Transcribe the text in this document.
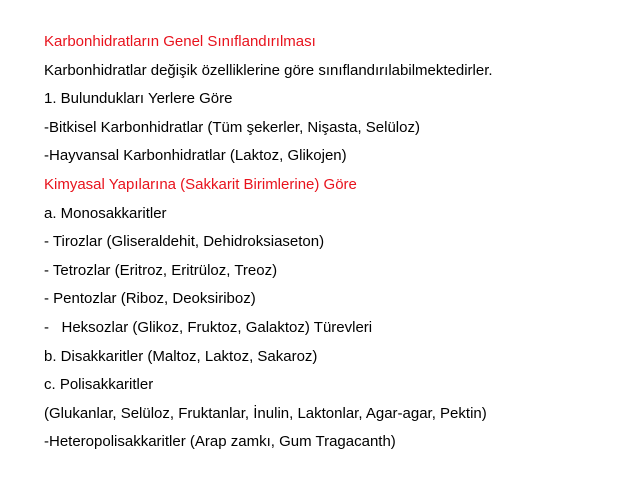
Karbonhidratların Genel Sınıflandırılması
Karbonhidratlar değişik özelliklerine göre sınıflandırılabilmektedirler.
1. Bulundukları Yerlere Göre
-Bitkisel Karbonhidratlar (Tüm şekerler, Nişasta, Selüloz)
-Hayvansal Karbonhidratlar (Laktoz, Glikojen)
Kimyasal Yapılarına (Sakkarit Birimlerine) Göre
a. Monosakkaritler
- Tirozlar (Gliseraldehit, Dehidroksiaseton)
- Tetrozlar (Eritroz, Eritrüloz, Treoz)
- Pentozlar (Riboz, Deoksiriboz)
-   Heksozlar (Glikoz, Fruktoz, Galaktoz) Türevleri
b. Disakkaritler (Maltoz, Laktoz, Sakaroz)
c. Polisakkaritler
(Glukanlar, Selüloz, Fruktanlar, İnulin, Laktonlar, Agar-agar, Pektin)
-Heteropolisakkaritler (Arap zamkı, Gum Tragacanth)
